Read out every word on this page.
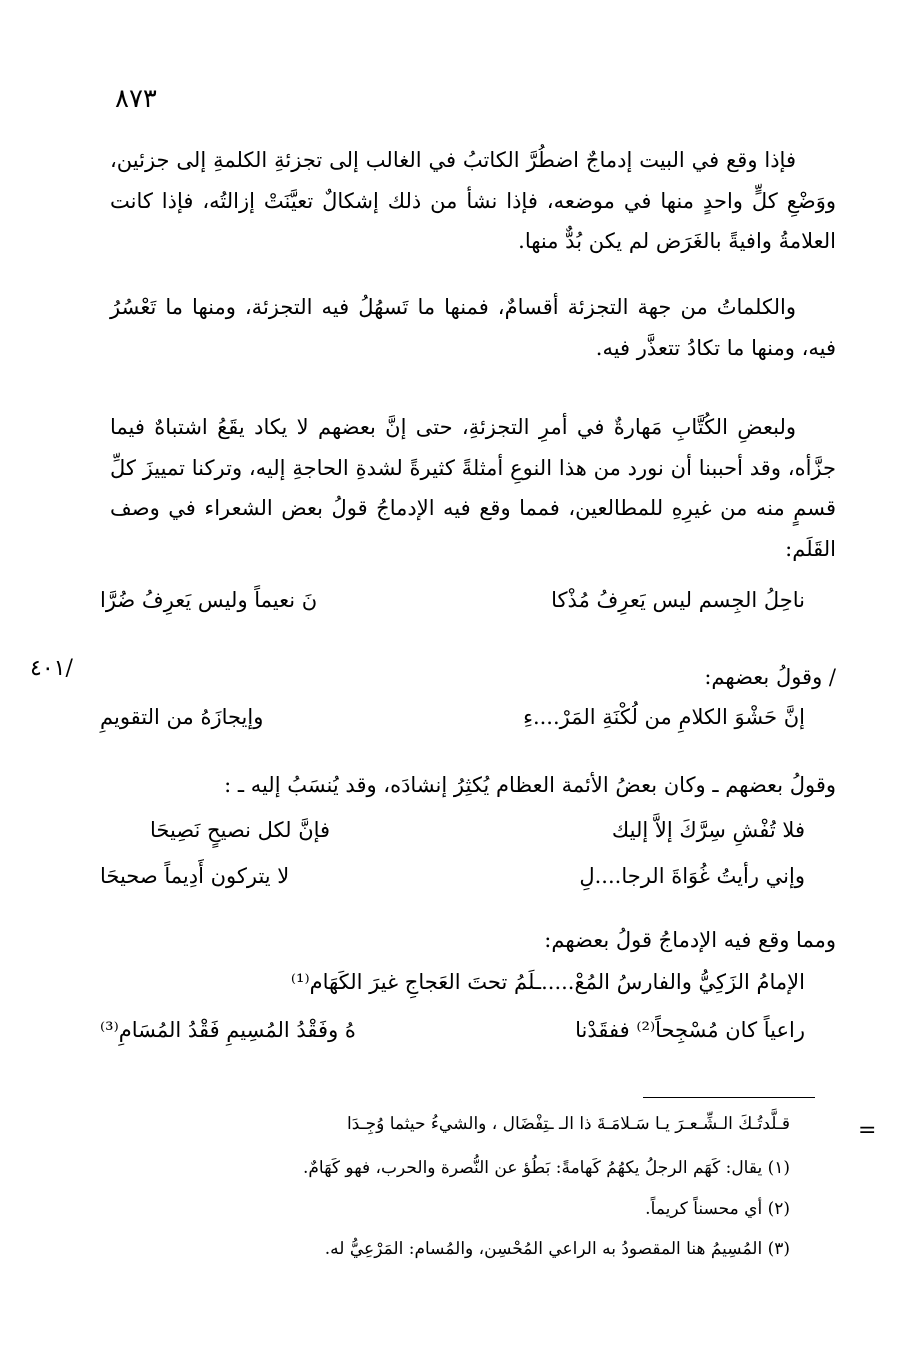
٨٧٣
/٤٠١
فإذا وقع في البيت إدماجٌ اضطُرَّ الكاتبُ في الغالب إلى تجزئةِ الكلمةِ إلى جزئين، ووَضْعِ كلٍّ واحدٍ منها في موضعه، فإذا نشأ من ذلك إشكالٌ تعيَّنَتْ إزالتُه، فإذا كانت العلامةُ وافيةً بالغَرَض لم يكن بُدٌّ منها.
والكلماتُ من جهة التجزئة أقسامٌ، فمنها ما تَسهُلُ فيه التجزئة، ومنها ما تَعْسُرُ فيه، ومنها ما تكادُ تتعذَّر فيه.
ولبعضِ الكُتَّابِ مَهارةٌ في أمرِ التجزئةِ، حتى إنَّ بعضهم لا يكاد يقَعُ اشتباهٌ فيما جزَّأه، وقد أحببنا أن نورد من هذا النوعِ أمثلةً كثيرةً لشدةِ الحاجةِ إليه، وتركنا تمييزَ كلِّ قسمٍ منه من غيرِهِ للمطالعين، فمما وقع فيه الإدماجُ قولُ بعض الشعراء في وصف القَلَم:
ناحِلُ الجِسم ليس يَعرِفُ مُذْكا
نَ نعيماً وليس يَعرِفُ ضُرَّا
/ وقولُ بعضهم:
إنَّ حَشْوَ الكلامِ من لُكْنَةِ المَرْ....ءِ
وإيجازَهُ من التقويمِ
وقولُ بعضهم ـ وكان بعضُ الأئمة العظام يُكثِرُ إنشادَه، وقد يُنسَبُ إليه ـ :
فلا تُفْشِ سِرَّكَ إلاَّ إليك
فإنَّ لكل نصيحٍ نَصِيحَا
وإني رأيتُ غُوَاةَ الرجا....لِ
لا يتركون أَدِيماً صحيحَا
ومما وقع فيه الإدماجُ قولُ بعضهم:
الإمامُ الزَكِيُّ والفارسُ المُعْ.....ـلَمُ تحتَ العَجاجِ غيرَ الكَهَام⁽¹⁾
راعياً كان مُسْجِحاً⁽²⁾ ففقَدْنا
هُ وفَقْدُ المُسِيمِ فَقْدُ المُسَامِ⁽³⁾
=
قـلَّدتُـكَ الـشِّـعـرَ يـا سَـلامَـةَ ذا الـ ـتِفْضَال ، والشيءُ حيثما وُجِـدَا
(١) يقال: كَهَم الرجلُ يكهُمُ كَهامةً: بَطُؤ عن النُّصرة والحرب، فهو كَهَامٌ.
(٢) أي محسناً كريماً.
(٣) المُسِيمُ هنا المقصودُ به الراعي المُحْسِن، والمُسام: المَرْعِيُّ له.
